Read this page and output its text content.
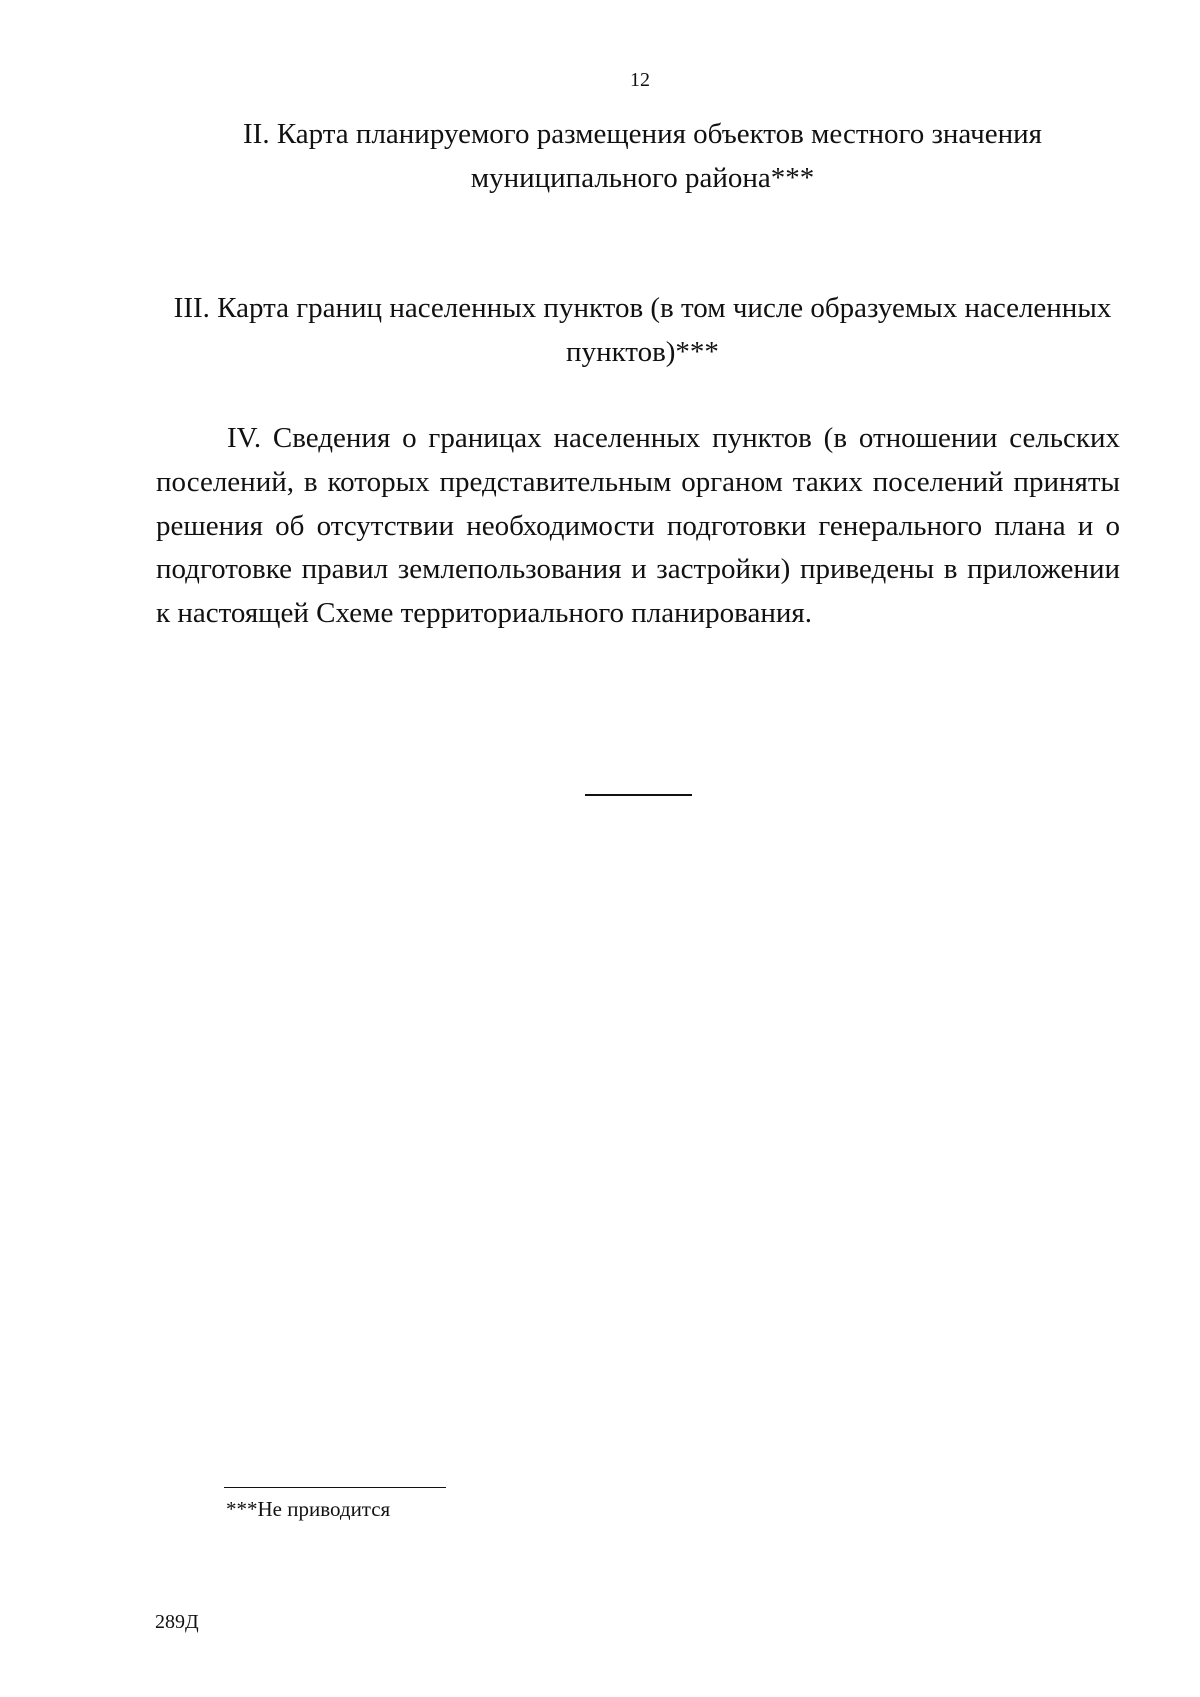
12
II. Карта планируемого размещения объектов местного значения муниципального района***
III. Карта границ населенных пунктов (в том числе образуемых населенных пунктов)***

IV. Сведения о границах населенных пунктов (в отношении сельских поселений, в которых представительным органом таких поселений приняты решения об отсутствии необходимости подготовки генерального плана и о подготовке правил землепользования и застройки) приведены в приложении к настоящей Схеме территориального планирования.

***Не приводится
289Д
